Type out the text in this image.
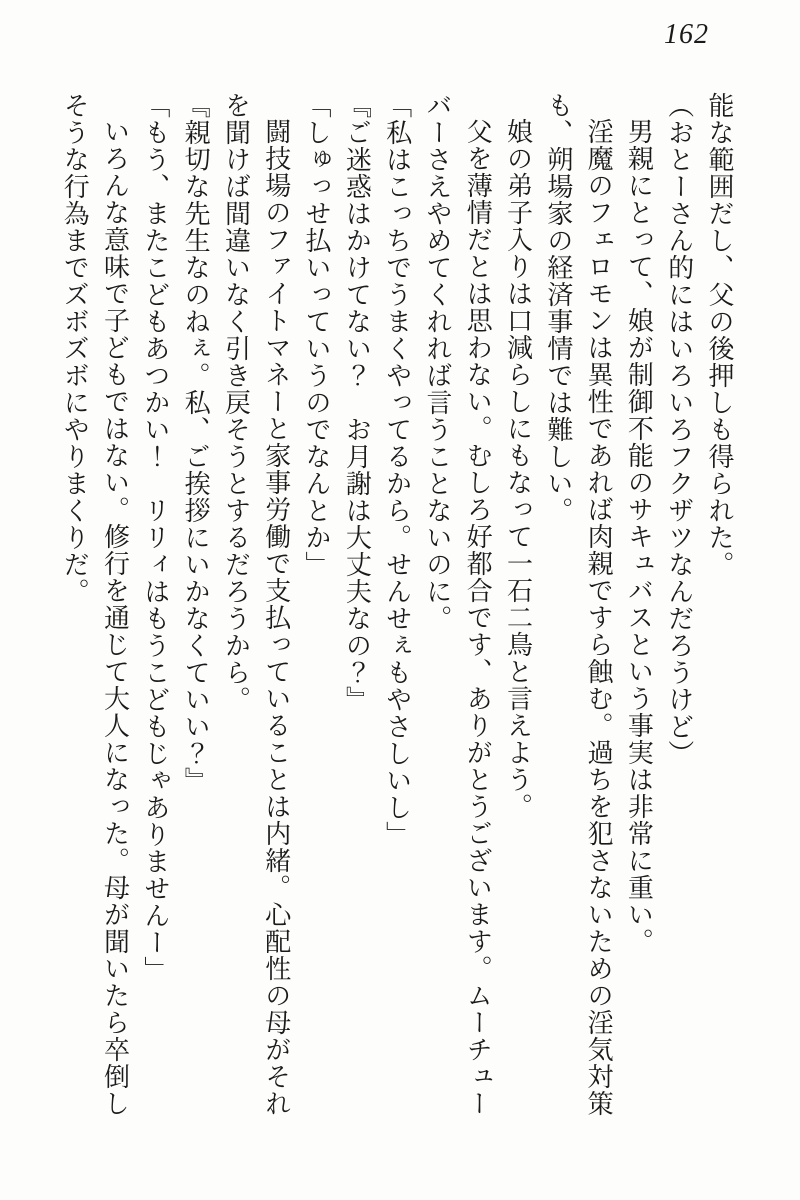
162

能な範囲だし、父の後押しも得られた。

（おとーさん的にはいろいろフクザツなんだろうけど）

男親にとって、娘が制御不能のサキュバスという事実は非常に重い。

淫魔のフェロモンは異性であれば肉親ですら蝕む。過ちを犯さないための淫気対策

も、朔場家の経済事情では難しい。

娘の弟子入りは口減らしにもなって一石二鳥と言えよう。

父を薄情だとは思わない。むしろ好都合です、ありがとうございます。ムーチュー

バーさえやめてくれれば言うことないのに。

「私はこっちでうまくやってるから。せんせぇもやさしいし」

『ご迷惑はかけてない？　お月謝は大丈夫なの？』

「しゅっせ払いっていうのでなんとか」

闘技場のファイトマネーと家事労働で支払っていることは内緒。心配性の母がそれ

を聞けば間違いなく引き戻そうとするだろうから。

『親切な先生なのねぇ。私、ご挨拶にいかなくていい？』

「もう、またこどもあつかい！　リリィはもうこどもじゃありませんー」

いろんな意味で子どもではない。修行を通じて大人になった。母が聞いたら卒倒し

そうな行為までズボズボにやりまくりだ。
